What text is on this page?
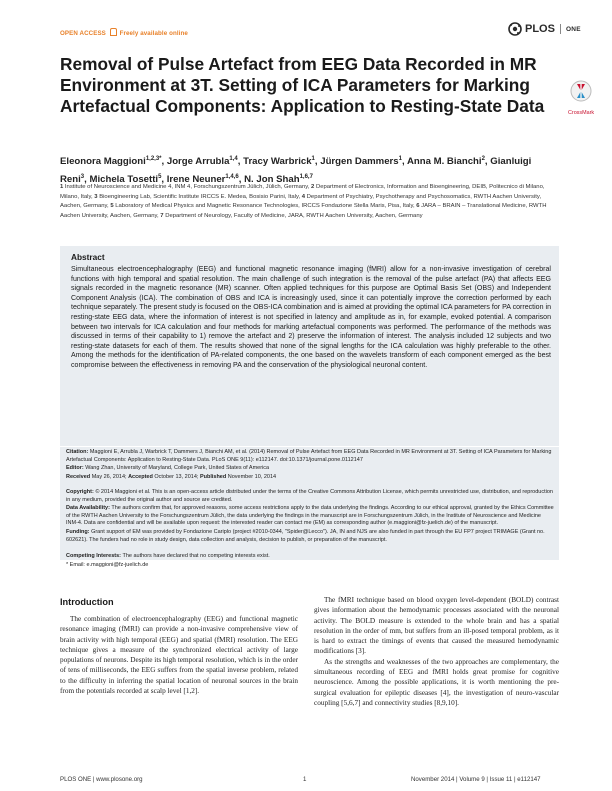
OPEN ACCESS Freely available online	PLOS ONE
CrossMark
Removal of Pulse Artefact from EEG Data Recorded in MR Environment at 3T. Setting of ICA Parameters for Marking Artefactual Components: Application to Resting-State Data
Eleonora Maggioni$^{1,2,3*}$, Jorge Arrubla$^{1,4}$, Tracy Warbrick$^1$, Jürgen Dammers$^1$, Anna M. Bianchi$^2$, Gianluigi Reni$^3$, Michela Tosetti$^5$, Irene Neuner$^{1,4,6}$, N. Jon Shah$^{1,6,7}$
1 Institute of Neuroscience and Medicine 4, INM 4, Forschungszentrum Jülich, Jülich, Germany, 2 Department of Electronics, Information and Bioengineering, DEIB, Politecnico di Milano, Milano, Italy, 3 Bioengineering Lab, Scientific Institute IRCCS E. Medea, Bosisio Parini, Italy, 4 Department of Psychiatry, Psychotherapy and Psychosomatics, RWTH Aachen University, Aachen, Germany, 5 Laboratory of Medical Physics and Magnetic Resonance Technologies, IRCCS Fondazione Stella Maris, Pisa, Italy, 6 JARA – BRAIN – Translational Medicine, RWTH Aachen University, Aachen, Germany, 7 Department of Neurology, Faculty of Medicine, JARA, RWTH Aachen University, Aachen, Germany
Abstract
Simultaneous electroencephalography (EEG) and functional magnetic resonance imaging (fMRI) allow for a non-invasive investigation of cerebral functions with high temporal and spatial resolution. The main challenge of such integration is the removal of the pulse artefact (PA) that affects EEG signals recorded in the magnetic resonance (MR) scanner. Often applied techniques for this purpose are Optimal Basis Set (OBS) and Independent Component Analysis (ICA). The combination of OBS and ICA is increasingly used, since it can potentially improve the correction performed by each technique separately. The present study is focused on the OBS-ICA combination and is aimed at providing the optimal ICA parameters for PA correction in resting-state EEG data, where the information of interest is not specified in latency and amplitude as in, for example, evoked potential. A comparison between two intervals for ICA calculation and four methods for marking artefactual components was performed. The performance of the methods was discussed in terms of their capability to 1) remove the artefact and 2) preserve the information of interest. The analysis included 12 subjects and two resting-state datasets for each of them. The results showed that none of the signal lengths for the ICA calculation was highly preferable to the other. Among the methods for the identification of PA-related components, the one based on the wavelets transform of each component emerged as the best compromise between the effectiveness in removing PA and the conservation of the physiological neuronal content.
Citation: Maggioni E, Arrubla J, Warbrick T, Dammers J, Bianchi AM, et al. (2014) Removal of Pulse Artefact from EEG Data Recorded in MR Environment at 3T. Setting of ICA Parameters for Marking Artefactual Components: Application to Resting-State Data. PLoS ONE 9(11): e112147. doi:10.1371/journal.pone.0112147
Editor: Wang Zhan, University of Maryland, College Park, United States of America
Received May 26, 2014; Accepted October 13, 2014; Published November 10, 2014
Copyright: © 2014 Maggioni et al. This is an open-access article distributed under the terms of the Creative Commons Attribution License, which permits unrestricted use, distribution, and reproduction in any medium, provided the original author and source are credited.
Data Availability: The authors confirm that, for approved reasons, some access restrictions apply to the data underlying the findings. According to our ethical approval, granted by the Ethics Committee of the RWTH Aachen University to the Forschungszentrum Jülich, the data underlying the findings in the manuscript are in Forschungszentrum Jülich, in the Institute of Neuroscience and Medicine INM-4. Data are confidential and will be available upon request: the interested reader can contact me (EM) as corresponding author (e.maggioni@fz-juelich.de) of the manuscript.
Funding: Grant support of EM was provided by Fondazione Cariplo (project #2010-0344, "Spider@Lecco"). JA, IN and NJS are also funded in part through the EU FP7 project TRIMAGE (Grant no. 602621). The funders had no role in study design, data collection and analysis, decision to publish, or preparation of the manuscript.
Competing Interests: The authors have declared that no competing interests exist.
* Email: e.maggioni@fz-juelich.de
Introduction

The combination of electroencephalography (EEG) and functional magnetic resonance imaging (fMRI) can provide a non-invasive comprehensive view of brain activity with high temporal (EEG) and spatial (fMRI) resolution. The EEG technique gives a measure of the synchronized electrical activity of large populations of neurons. Despite its high temporal resolution, which is in the order of tens of milliseconds, the EEG suffers from the spatial inverse problem, related to the difficulty in inferring the spatial location of neuronal sources in the brain from the potentials recorded at scalp level [1,2].

The fMRI technique based on blood oxygen level-dependent (BOLD) contrast gives information about the hemodynamic processes associated with the neuronal activity. The BOLD measure is extended to the whole brain and has a spatial resolution in the order of mm, but suffers from an ill-posed temporal problem, as it is hard to extract the timings of events that caused the measured hemodynamic modifications [3].

As the strengths and weaknesses of the two approaches are complementary, the simultaneous recording of EEG and fMRI holds great promise for cognitive neuroscience. Among the possible applications, it is worth mentioning the pre-surgical evaluation for epileptic diseases [4], the investigation of neuro-vascular coupling [5,6,7] and connectivity studies [8,9,10].

PLOS ONE | www.plosone.org	1	November 2014 | Volume 9 | Issue 11 | e112147
